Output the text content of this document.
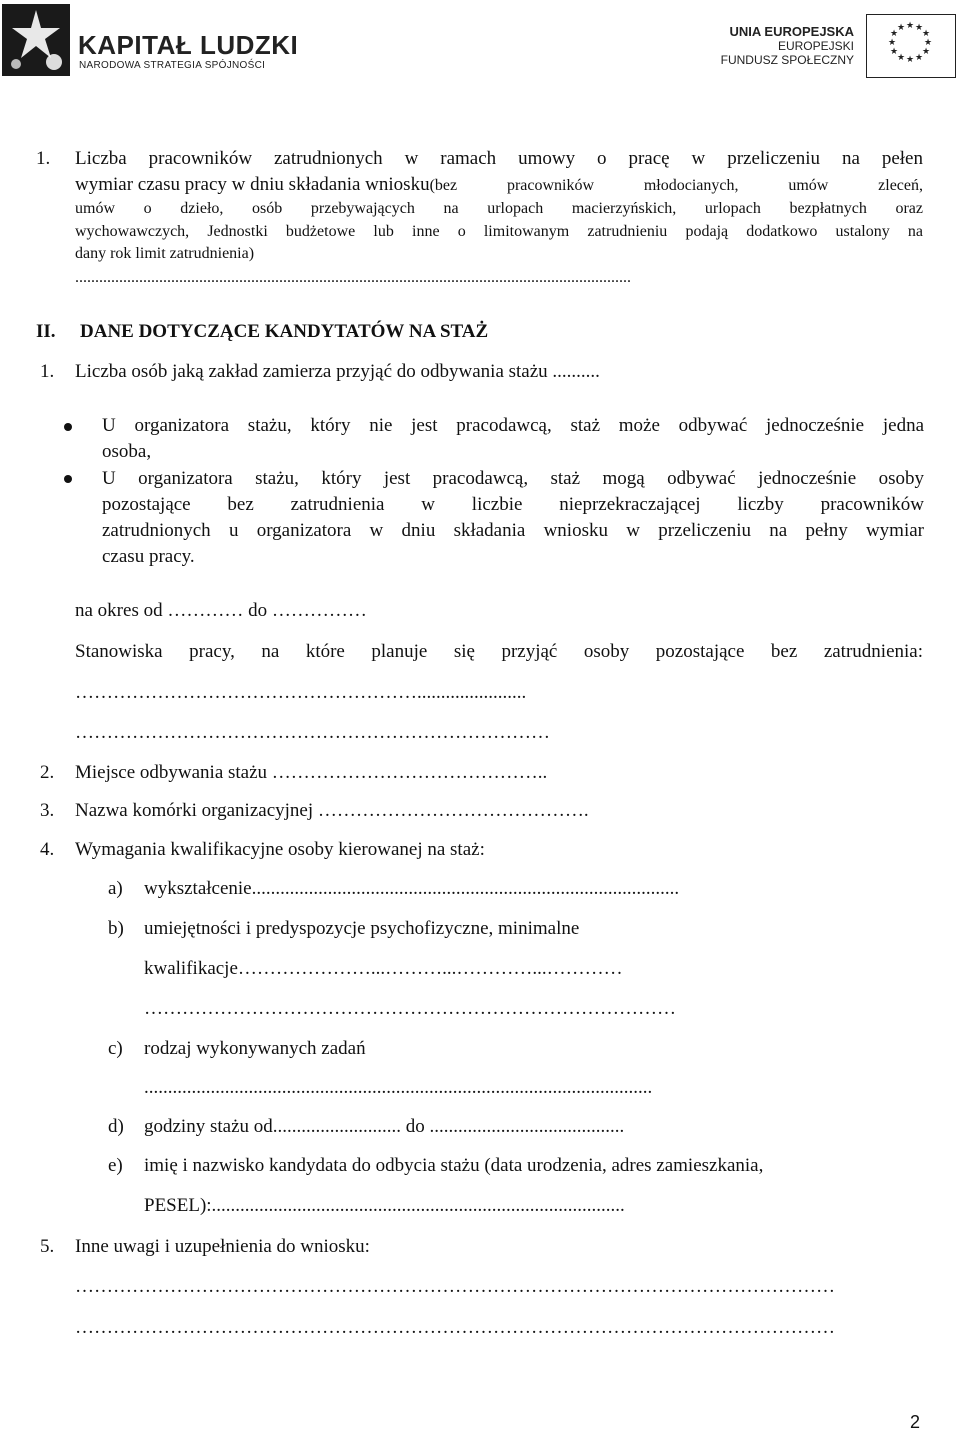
KAPITAŁ LUDZKI
NARODOWA STRATEGIA SPÓJNOŚCI
UNIA EUROPEJSKA
EUROPEJSKI
FUNDUSZ SPOŁECZNY
★ ★
★
★
★
★
★
★
★
★
★
★
1. Liczba pracowników zatrudnionych w ramach umowy o pracę w przeliczeniu na pełen
wymiar czasu pracy w dniu składania wniosku (bez pracowników młodocianych, umów zleceń,
umów o dzieło, osób przebywających na urlopach macierzyńskich, urlopach bezpłatnych oraz
wychowawczych, Jednostki budżetowe lub inne o limitowanym zatrudnieniu podają dodatkowo ustalony na
dany rok limit zatrudnienia)
...........................................................................................................................................
II. DANE DOTYCZĄCE KANDYTATÓW NA STAŻ
1. Liczba osób jaką zakład zamierza przyjąć do odbywania stażu ..........
U organizatora stażu, który nie jest pracodawcą, staż może odbywać jednocześnie jedna
osoba,
U organizatora stażu, który jest pracodawcą, staż mogą odbywać jednocześnie osoby
pozostające bez zatrudnienia w liczbie nieprzekraczającej liczby pracowników
zatrudnionych u organizatora w dniu składania wniosku w przeliczeniu na pełny wymiar
czasu pracy.
na okres od ………… do ……………
Stanowiska pracy, na które planuje się przyjąć osoby pozostające bez zatrudnienia:
……………………………………………….......................
…………………………………………………………………
2. Miejsce odbywania stażu ……………………………………..
3. Nazwa komórki organizacyjnej …………………………………….
4. Wymagania kwalifikacyjne osoby kierowanej na staż:
a) wykształcenie..........................................................................................
b) umiejętności i predyspozycje psychofizyczne, minimalne
kwalifikacje…………………...………...…………...…………
…………………………………………………………………………
c) rodzaj wykonywanych zadań
...........................................................................................................
d) godziny stażu od........................... do .........................................
e) imię i nazwisko kandydata do odbycia stażu (data urodzenia, adres zamieszkania,
PESEL):.......................................................................................
5. Inne uwagi i uzupełnienia do wniosku:
…………………………………………………………………………………………………………
…………………………………………………………………………………………………………
2
